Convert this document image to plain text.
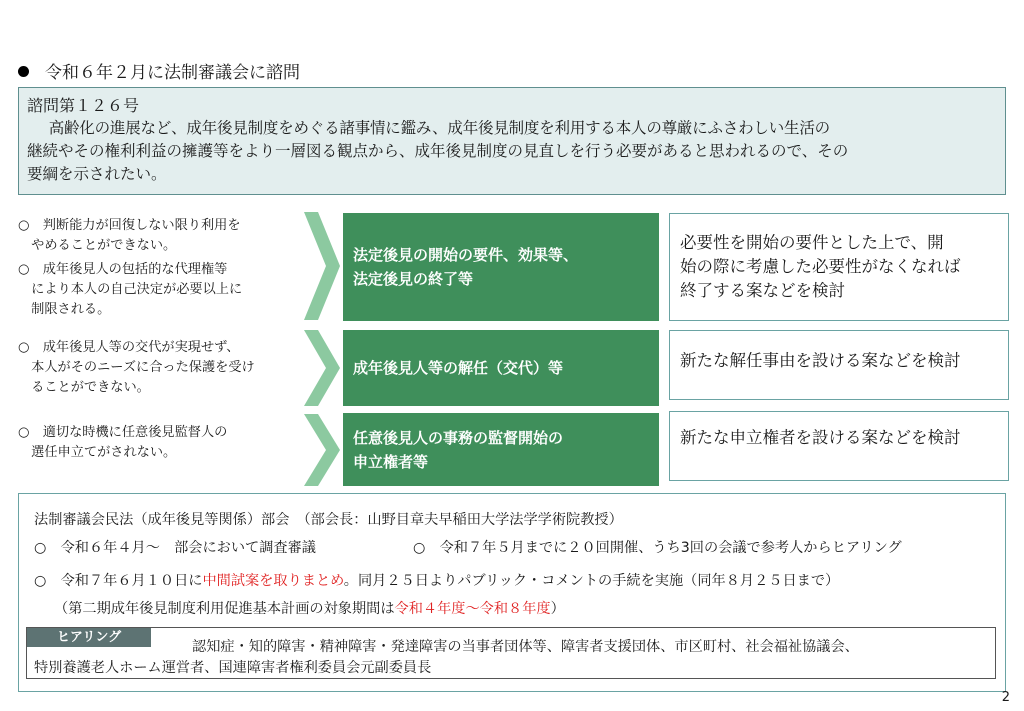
令和６年２月に法制審議会に諮問
諮問第１２６号
高齢化の進展など、成年後見制度をめぐる諸事情に鑑み、成年後見制度を利用する本人の尊厳にふさわしい生活の
継続やその権利利益の擁護等をより一層図る観点から、成年後見制度の見直しを行う必要があると思われるので、その
要綱を示されたい。
○　判断能力が回復しない限り利用を
　やめることができない。
○　成年後見人の包括的な代理権等
　により本人の自己決定が必要以上に
　制限される。
○　成年後見人等の交代が実現せず、
　本人がそのニーズに合った保護を受け
　ることができない。
○　適切な時機に任意後見監督人の
　選任申立てがされない。
法定後見の開始の要件、効果等、
法定後見の終了等
成年後見人等の解任（交代）等
任意後見人の事務の監督開始の
申立権者等
必要性を開始の要件とした上で、開
始の際に考慮した必要性がなくなれば
終了する案などを検討
新たな解任事由を設ける案などを検討
新たな申立権者を設ける案などを検討
法制審議会民法（成年後見等関係）部会　（部会長：山野目章夫早稲田大学法学学術院教授）
○　令和６年４月～　部会において調査審議	○　令和７年５月までに２０回開催、うち3回の会議で参考人からヒアリング
○　令和７年６月１０日に中間試案を取りまとめ。同月２５日よりパブリック・コメントの手続を実施（同年８月２５日まで）
（第二期成年後見制度利用促進基本計画の対象期間は令和４年度～令和８年度）
ヒアリング
認知症・知的障害・精神障害・発達障害の当事者団体等、障害者支援団体、市区町村、社会福祉協議会、
特別養護老人ホーム運営者、国連障害者権利委員会元副委員長
2
